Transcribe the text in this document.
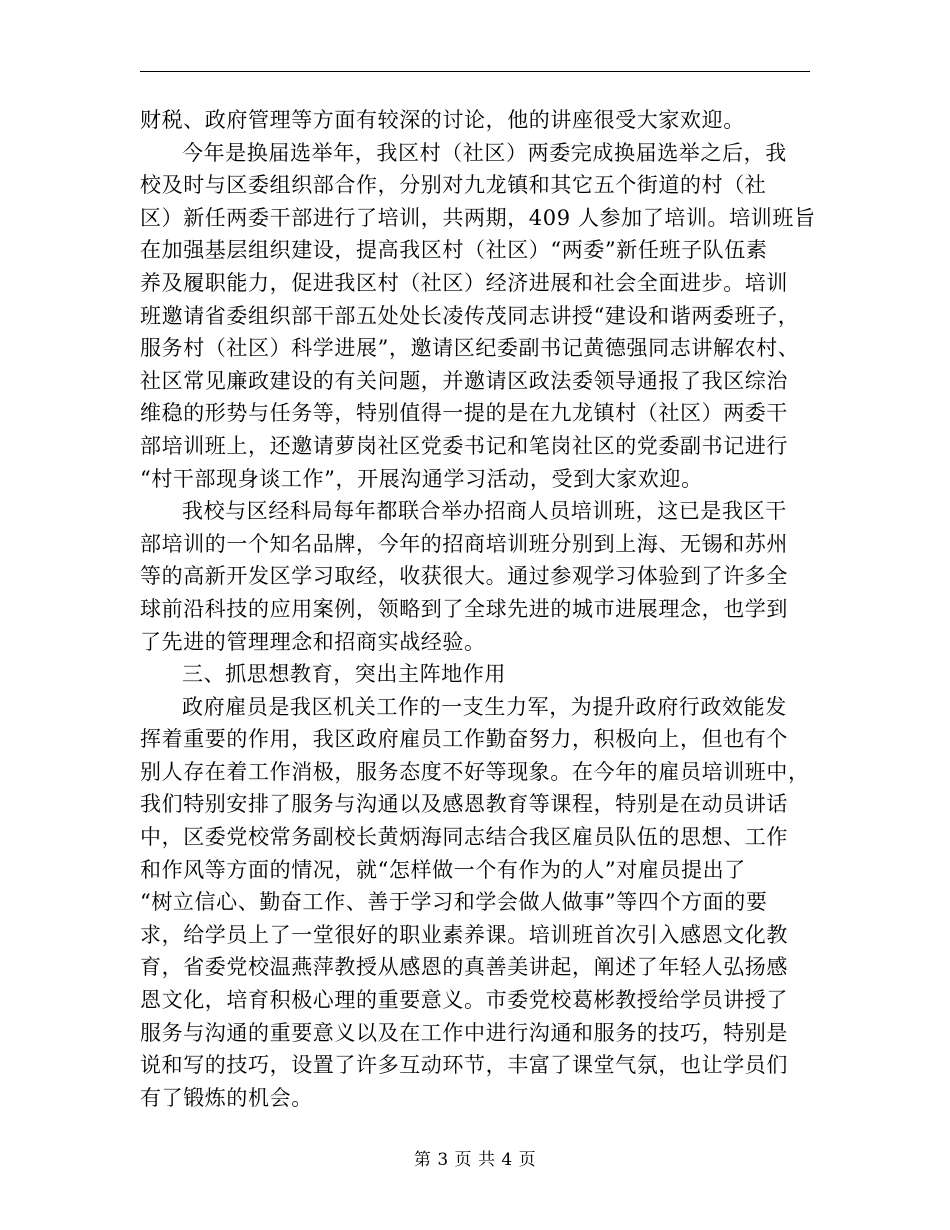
财税、政府管理等方面有较深的讨论，他的讲座很受大家欢迎。
今年是换届选举年，我区村（社区）两委完成换届选举之后，我
校及时与区委组织部合作，分别对九龙镇和其它五个街道的村（社
区）新任两委干部进行了培训，共两期，409 人参加了培训。培训班旨
在加强基层组织建设，提高我区村（社区）“两委”新任班子队伍素
养及履职能力，促进我区村（社区）经济进展和社会全面进步。培训
班邀请省委组织部干部五处处长凌传茂同志讲授“建设和谐两委班子，
服务村（社区）科学进展”，邀请区纪委副书记黄德强同志讲解农村、
社区常见廉政建设的有关问题，并邀请区政法委领导通报了我区综治
维稳的形势与任务等，特别值得一提的是在九龙镇村（社区）两委干
部培训班上，还邀请萝岗社区党委书记和笔岗社区的党委副书记进行
“村干部现身谈工作”，开展沟通学习活动，受到大家欢迎。
我校与区经科局每年都联合举办招商人员培训班，这已是我区干
部培训的一个知名品牌，今年的招商培训班分别到上海、无锡和苏州
等的高新开发区学习取经，收获很大。通过参观学习体验到了许多全
球前沿科技的应用案例，领略到了全球先进的城市进展理念，也学到
了先进的管理理念和招商实战经验。
三、抓思想教育，突出主阵地作用
政府雇员是我区机关工作的一支生力军，为提升政府行政效能发
挥着重要的作用，我区政府雇员工作勤奋努力，积极向上，但也有个
别人存在着工作消极，服务态度不好等现象。在今年的雇员培训班中，
我们特别安排了服务与沟通以及感恩教育等课程，特别是在动员讲话
中，区委党校常务副校长黄炳海同志结合我区雇员队伍的思想、工作
和作风等方面的情况，就“怎样做一个有作为的人”对雇员提出了
“树立信心、勤奋工作、善于学习和学会做人做事”等四个方面的要
求，给学员上了一堂很好的职业素养课。培训班首次引入感恩文化教
育，省委党校温燕萍教授从感恩的真善美讲起，阐述了年轻人弘扬感
恩文化，培育积极心理的重要意义。市委党校葛彬教授给学员讲授了
服务与沟通的重要意义以及在工作中进行沟通和服务的技巧，特别是
说和写的技巧，设置了许多互动环节，丰富了课堂气氛，也让学员们
有了锻炼的机会。
第 3 页 共 4 页
